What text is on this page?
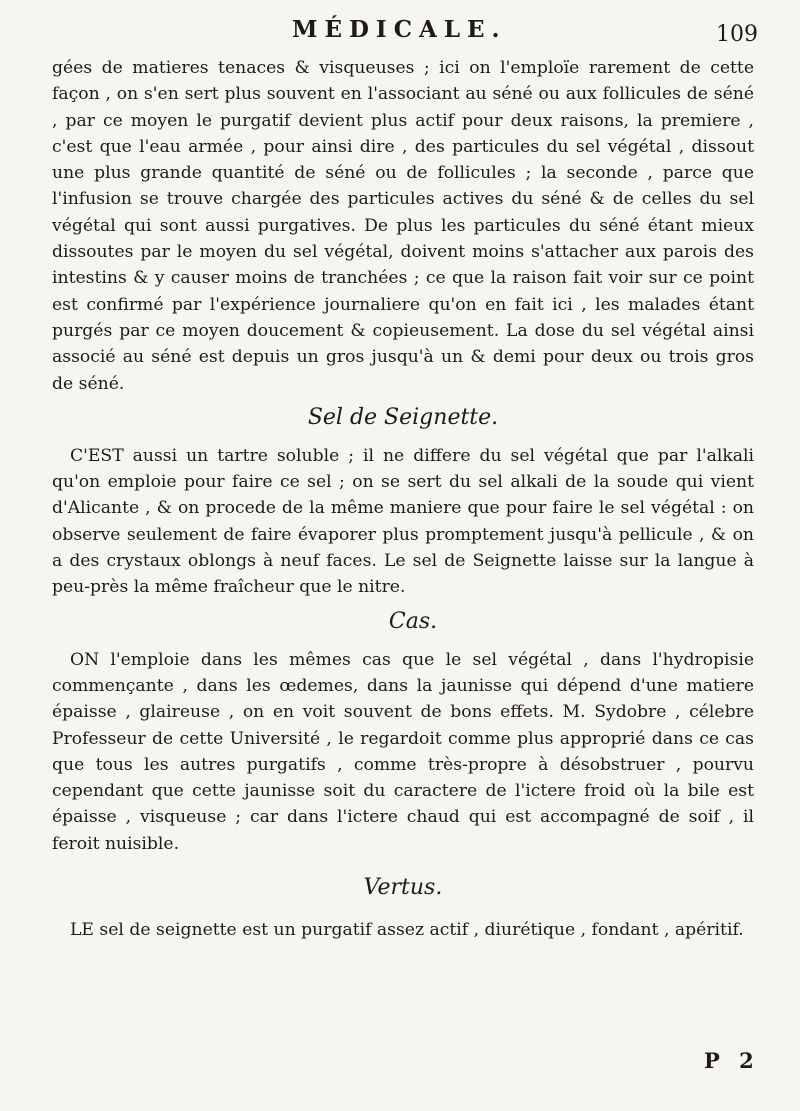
MÉDICALE.	109

gées de matieres tenaces & visqueuses ; ici on l'emploïe rarement de cette façon , on s'en sert plus souvent en l'associant au séné ou aux follicules de séné , par ce moyen le purgatif devient plus actif pour deux raisons, la premiere , c'est que l'eau armée , pour ainsi dire , des particules du sel végétal , dissout une plus grande quantité de séné ou de follicules ; la seconde , parce que l'infusion se trouve chargée des particules actives du séné & de celles du sel végétal qui sont aussi purgatives. De plus les particules du séné étant mieux dissoutes par le moyen du sel végétal, doivent moins s'attacher aux parois des intestins & y causer moins de tranchées ; ce que la raison fait voir sur ce point est confirmé par l'expérience journaliere qu'on en fait ici , les malades étant purgés par ce moyen doucement & copieusement. La dose du sel végétal ainsi associé au séné est depuis un gros jusqu'à un & demi pour deux ou trois gros de séné.

Sel de Seignette.

C'EST aussi un tartre soluble ; il ne differe du sel végétal que par l'alkali qu'on emploie pour faire ce sel ; on se sert du sel alkali de la soude qui vient d'Alicante , & on procede de la même maniere que pour faire le sel végétal : on observe seulement de faire évaporer plus promptement jusqu'à pellicule , & on a des crystaux oblongs à neuf faces. Le sel de Seignette laisse sur la langue à peu-près la même fraîcheur que le nitre.

Cas.

ON l'emploie dans les mêmes cas que le sel végétal , dans l'hydropisie commençante , dans les œdemes, dans la jaunisse qui dépend d'une matiere épaisse , glaireuse , on en voit souvent de bons effets. M. Sydobre , célebre Professeur de cette Université , le regardoit comme plus approprié dans ce cas que tous les autres purgatifs , comme très-propre à désobstruer , pourvu cependant que cette jaunisse soit du caractere de l'ictere froid où la bile est épaisse , visqueuse ; car dans l'ictere chaud qui est accompagné de soif , il feroit nuisible.

Vertus.

LE sel de seignette est un purgatif assez actif , diurétique , fondant , apéritif.

P 2
